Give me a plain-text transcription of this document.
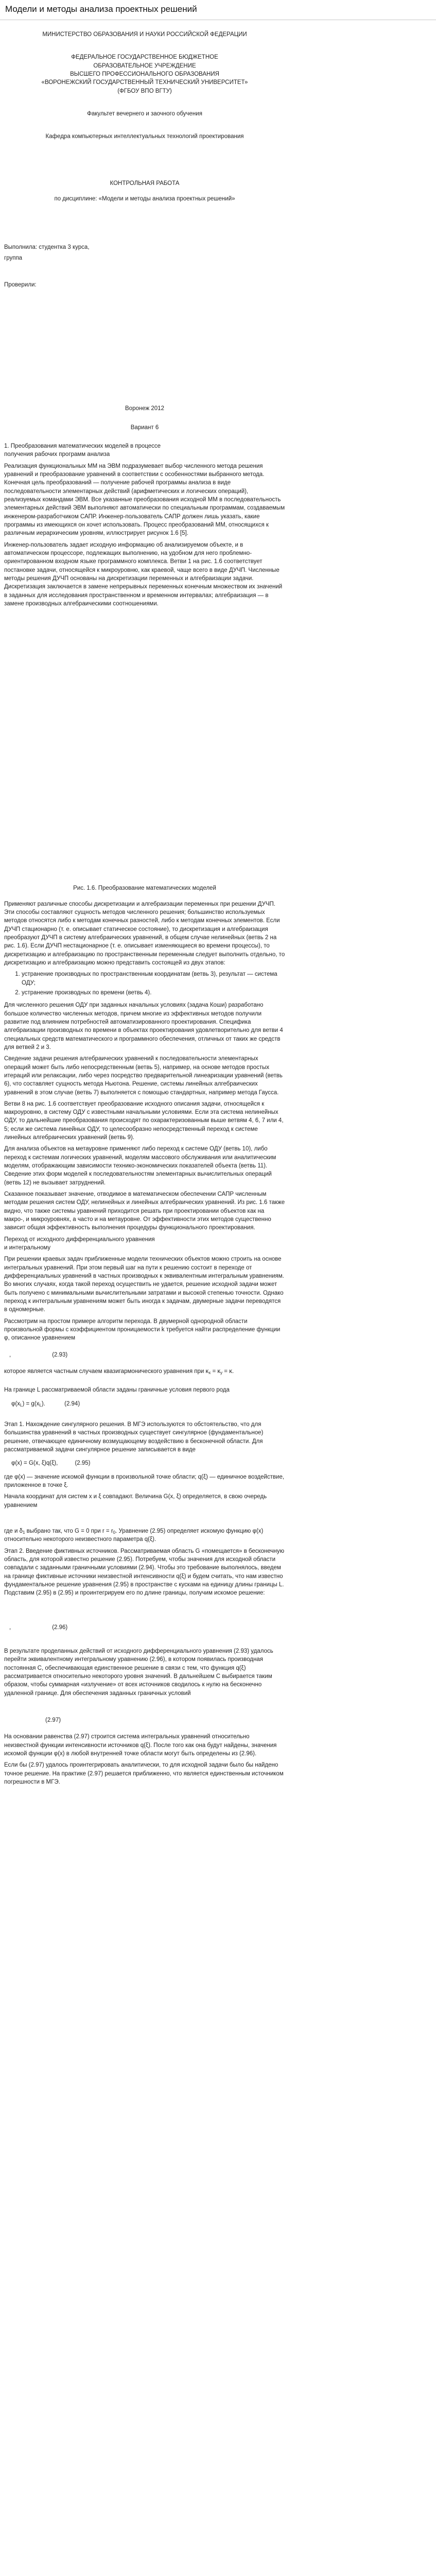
Модели и методы анализа проектных решений

МИНИСТЕРСТВО ОБРАЗОВАНИЯ И НАУКИ РОССИЙСКОЙ ФЕДЕРАЦИИ

ФЕДЕРАЛЬНОЕ ГОСУДАРСТВЕННОЕ БЮДЖЕТНОЕ

ОБРАЗОВАТЕЛЬНОЕ УЧРЕЖДЕНИЕ

ВЫСШЕГО ПРОФЕССИОНАЛЬНОГО ОБРАЗОВАНИЯ

«ВОРОНЕЖСКИЙ ГОСУДАРСТВЕННЫЙ ТЕХНИЧЕСКИЙ УНИВЕРСИТЕТ»

(ФГБОУ ВПО ВГТУ)

Факультет вечернего и заочного обучения

Кафедра компьютерных интеллектуальных технологий проектирования

КОНТРОЛЬНАЯ РАБОТА

по дисциплине: «Модели и методы анализа проектных решений»

Выполнила: студентка 3 курса,

группа

Проверили:

Воронеж 2012

Вариант 6

1. Преобразования математических моделей в процессе

получения рабочих программ анализа

Реализация функциональных ММ на ЭВМ подразумевает выбор численного метода решения уравнений и преобразование уравнений в соответствии с особенностями выбранного метода. Конечная цель преобразований — получение рабочей программы анализа в виде последовательности элементарных действий (арифметических и логических операций), реализуемых командами ЭВМ. Все указанные преобразования исходной ММ в последовательность элементарных действий ЭВМ выполняют автоматически по специальным программам, создаваемым инженером-разработчиком САПР. Инженер-пользователь САПР должен лишь указать, какие программы из имеющихся он хочет использовать. Процесс преобразований ММ, относящихся к различным иерархическим уровням, иллюстрирует рисунок 1.6 [5].

Инженер-пользователь задает исходную информацию об анализируемом объекте, и в автоматическом процессоре, подлежащих выполнению, на удобном для него проблемно-ориентированном входном языке программного комплекса. Ветви 1 на рис. 1.6 соответствует постановке задачи, относящейся к микроуровню, как краевой, чаще всего в виде ДУЧП. Численные методы решения ДУЧП основаны на дискретизации переменных и алгебраизации задачи. Дискретизация заключается в замене непрерывных переменных конечным множеством их значений в заданных для исследования пространственном и временном интервалах; алгебраизация — в замене производных алгебраическими соотношениями.

Рис. 1.6. Преобразование математических моделей

Применяют различные способы дискретизации и алгебраизации переменных при решении ДУЧП. Эти способы составляют сущность методов численного решения; большинство используемых методов относятся либо к методам конечных разностей, либо к методам конечных элементов. Если ДУЧП стационарно (т. е. описывает статическое состояние), то дискретизация и алгебраизация преобразуют ДУЧП в систему алгебраических уравнений, в общем случае нелинейных (ветвь 2 на рис. 1.6). Если ДУЧП нестационарное (т. е. описывает изменяющиеся во времени процессы), то дискретизацию и алгебраизацию по пространственным переменным следует выполнить отдельно, то дискретизацию и алгебраизацию можно представить состоящей из двух этапов:

1. устранение производных по пространственным координатам (ветвь 3), результат — система ОДУ;
2. устранение производных по времени (ветвь 4).

Для численного решения ОДУ при заданных начальных условиях (задача Коши) разработано большое количество численных методов, причем многие из эффективных методов получили развитие под влиянием потребностей автоматизированного проектирования. Специфика алгебраизации производных по времени в объектах проектирования удовлетворительно для ветви 4 специальных средств математического и программного обеспечения, отличных от таких же средств для ветвей 2 и 3.

Сведение задачи решения алгебраических уравнений к последовательности элементарных операций может быть либо непосредственным (ветвь 5), например, на основе методов простых итераций или релаксации, либо через посредство предварительной линеаризации уравнений (ветвь 6), что составляет сущность метода Ньютона. Решение, системы линейных алгебраических уравнений в этом случае (ветвь 7) выполняется с помощью стандартных, например метода Гаусса.

Ветви 8 на рис. 1.6 соответствует преобразование исходного описания задачи, относящейся к макроуровню, в систему ОДУ с известными начальными условиями. Если эта система нелинейных ОДУ, то дальнейшие преобразования происходят по охарактеризованным выше ветвям 4, 6, 7 или 4, 5; если же система линейных ОДУ, то целесообразно непосредственный переход к системе линейных алгебраических уравнений (ветвь 9).

Для анализа объектов на метауровне применяют либо переход к системе ОДУ (ветвь 10), либо переход к системам логических уравнений, моделям массового обслуживания или аналитическим моделям, отображающим зависимости технико-экономических показателей объекта (ветвь 11). Сведение этих форм моделей к последовательностям элементарных вычислительных операций (ветвь 12) не вызывает затруднений.

Сказанное показывает значение, отводимое в математическом обеспечении САПР численным методам решения систем ОДУ, нелинейных и линейных алгебраических уравнений. Из рис. 1.6 также видно, что также системы уравнений приходится решать при проектировании объектов как на макро-, и микроуровнях, а часто и на метауровне. От эффективности этих методов существенно зависит общая эффективность выполнения процедуры функционального проектирования.

Переход от исходного дифференциального уравнения

и интегральному

При решении краевых задач приближенные модели технических объектов можно строить на основе интегральных уравнений. При этом первый шаг на пути к решению состоит в переходе от дифференциальных уравнений в частных производных к эквивалентным интегральным уравнениям. Во многих случаях, когда такой переход осуществить не удается, решение исходной задачи может быть получено с минимальными вычислительными затратами и высокой степенью точности. Однако переход к интегральным уравнениям может быть иногда к задачам, двумерные задачи переводятся в одномерные.

Рассмотрим на простом примере алгоритм перехода. В двумерной однородной области произвольной формы с коэффициентом проницаемости k требуется найти распределение функции φ, описанное уравнением

,	(2.93)

которое является частным случаем квазигармонического уравнения при $\kappa_x = \kappa_y = \kappa$.

На границе L рассматриваемой области заданы граничные условия первого рода

$\varphi(x_L) = g(x_L)$.	(2.94)

Этап 1. Нахождение сингулярного решения. В МГЭ используются то обстоятельство, что для большинства уравнений в частных производных существует сингулярное (фундаментальное) решение, отвечающее единичному возмущающему воздействию в бесконечной области. Для рассматриваемой задачи сингулярное решение записывается в виде

φ(x) = G(x, ξ)q(ξ),	(2.95)

где φ(x) — значение искомой функции в произвольной точке области; q(ξ) — единичное воздействие, приложенное в точке ξ.

Начала координат для систем x и ξ совпадают. Величина G(x, ξ) определяется, в свою очередь уравнением

где и $\delta_1$ выбрано так, что G = 0 при $r = r_0$. Уравнение (2.95) определяет искомую функцию φ(x) относительно некоторого неизвестного параметра q(ξ).

Этап 2. Введение фиктивных источников. Рассматриваемая область G «помещается» в бесконечную область, для которой известно решение (2.95). Потребуем, чтобы значения для исходной области совпадали с заданными граничными условиями (2.94). Чтобы это требование выполнялось, введем на границе фиктивные источники неизвестной интенсивности q(ξ) и будем считать, что нам известно фундаментальное решение уравнения (2.95) в пространстве с кусками на единицу длины границы L. Подставим (2.95) в (2.95) и проинтегрируем его по длине границы, получим искомое решение:

,	(2.96)

В результате проделанных действий от исходного дифференциального уравнения (2.93) удалось перейти эквивалентному интегральному уравнению (2.96), в котором появилась производная постоянная С, обеспечивающая единственное решение в связи с тем, что функция q(ξ) рассматривается относительно некоторого уровня значений. В дальнейшем С выбирается таким образом, чтобы суммарная «излучение» от всех источников сводилось к нулю на бесконечно удаленной границе. Для обеспечения заданных граничных условий

(2.97)

На основании равенства (2.97) строится система интегральных уравнений относительно неизвестной функции интенсивности источников q(ξ). После того как она будут найдены, значения искомой функции φ(x) в любой внутренней точке области могут быть определены из (2.96).

Если бы (2.97) удалось проинтегрировать аналитически, то для исходной задачи было бы найдено точное решение. На практике (2.97) решается приближенно, что является единственным источником погрешности в МГЭ.
